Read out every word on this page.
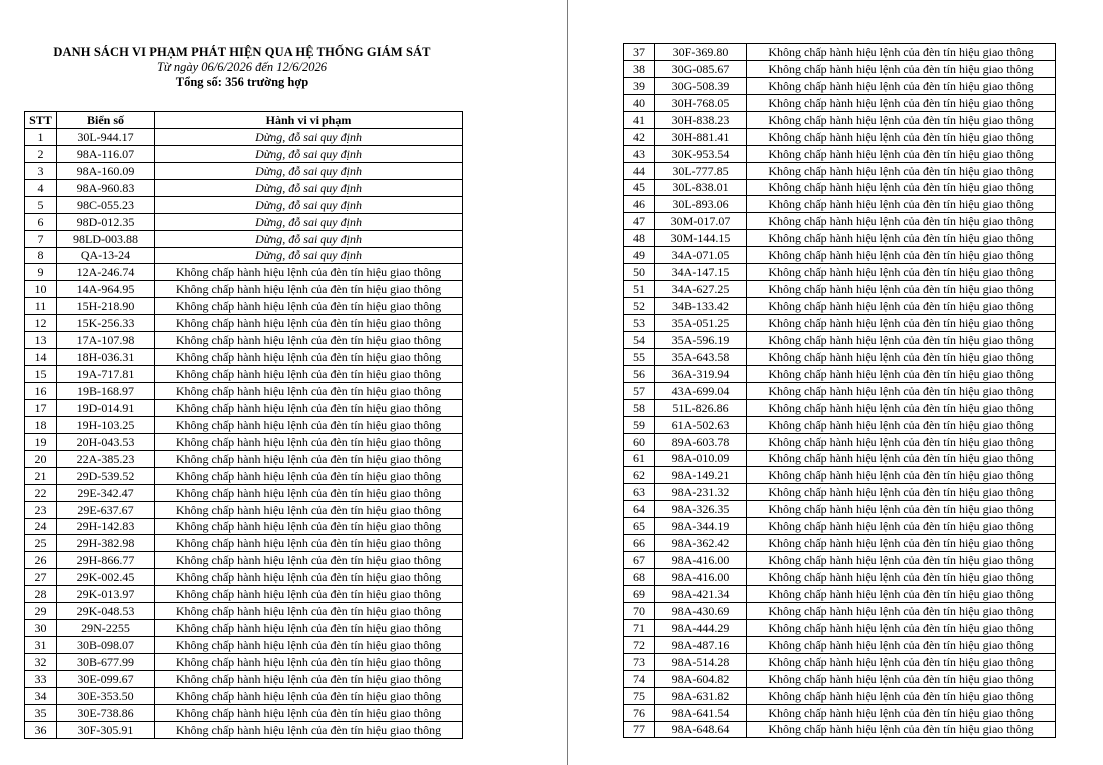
DANH SÁCH VI PHẠM PHÁT HIỆN QUA HỆ THỐNG GIÁM SÁT
Từ ngày 06/6/2026 đến 12/6/2026
Tổng số: 356 trường hợp
STT	Biển số	Hành vi vi phạm
1	30L-944.17	Dừng, đỗ sai quy định
2	98A-116.07	Dừng, đỗ sai quy định
3	98A-160.09	Dừng, đỗ sai quy định
4	98A-960.83	Dừng, đỗ sai quy định
5	98C-055.23	Dừng, đỗ sai quy định
6	98D-012.35	Dừng, đỗ sai quy định
7	98LD-003.88	Dừng, đỗ sai quy định
8	QA-13-24	Dừng, đỗ sai quy định
9	12A-246.74	Không chấp hành hiệu lệnh của đèn tín hiệu giao thông
10	14A-964.95	Không chấp hành hiệu lệnh của đèn tín hiệu giao thông
11	15H-218.90	Không chấp hành hiệu lệnh của đèn tín hiệu giao thông
12	15K-256.33	Không chấp hành hiệu lệnh của đèn tín hiệu giao thông
13	17A-107.98	Không chấp hành hiệu lệnh của đèn tín hiệu giao thông
14	18H-036.31	Không chấp hành hiệu lệnh của đèn tín hiệu giao thông
15	19A-717.81	Không chấp hành hiệu lệnh của đèn tín hiệu giao thông
16	19B-168.97	Không chấp hành hiệu lệnh của đèn tín hiệu giao thông
17	19D-014.91	Không chấp hành hiệu lệnh của đèn tín hiệu giao thông
18	19H-103.25	Không chấp hành hiệu lệnh của đèn tín hiệu giao thông
19	20H-043.53	Không chấp hành hiệu lệnh của đèn tín hiệu giao thông
20	22A-385.23	Không chấp hành hiệu lệnh của đèn tín hiệu giao thông
21	29D-539.52	Không chấp hành hiệu lệnh của đèn tín hiệu giao thông
22	29E-342.47	Không chấp hành hiệu lệnh của đèn tín hiệu giao thông
23	29E-637.67	Không chấp hành hiệu lệnh của đèn tín hiệu giao thông
24	29H-142.83	Không chấp hành hiệu lệnh của đèn tín hiệu giao thông
25	29H-382.98	Không chấp hành hiệu lệnh của đèn tín hiệu giao thông
26	29H-866.77	Không chấp hành hiệu lệnh của đèn tín hiệu giao thông
27	29K-002.45	Không chấp hành hiệu lệnh của đèn tín hiệu giao thông
28	29K-013.97	Không chấp hành hiệu lệnh của đèn tín hiệu giao thông
29	29K-048.53	Không chấp hành hiệu lệnh của đèn tín hiệu giao thông
30	29N-2255	Không chấp hành hiệu lệnh của đèn tín hiệu giao thông
31	30B-098.07	Không chấp hành hiệu lệnh của đèn tín hiệu giao thông
32	30B-677.99	Không chấp hành hiệu lệnh của đèn tín hiệu giao thông
33	30E-099.67	Không chấp hành hiệu lệnh của đèn tín hiệu giao thông
34	30E-353.50	Không chấp hành hiệu lệnh của đèn tín hiệu giao thông
35	30E-738.86	Không chấp hành hiệu lệnh của đèn tín hiệu giao thông
36	30F-305.91	Không chấp hành hiệu lệnh của đèn tín hiệu giao thông
37	30F-369.80	Không chấp hành hiệu lệnh của đèn tín hiệu giao thông
38	30G-085.67	Không chấp hành hiệu lệnh của đèn tín hiệu giao thông
39	30G-508.39	Không chấp hành hiệu lệnh của đèn tín hiệu giao thông
40	30H-768.05	Không chấp hành hiệu lệnh của đèn tín hiệu giao thông
41	30H-838.23	Không chấp hành hiệu lệnh của đèn tín hiệu giao thông
42	30H-881.41	Không chấp hành hiệu lệnh của đèn tín hiệu giao thông
43	30K-953.54	Không chấp hành hiệu lệnh của đèn tín hiệu giao thông
44	30L-777.85	Không chấp hành hiệu lệnh của đèn tín hiệu giao thông
45	30L-838.01	Không chấp hành hiệu lệnh của đèn tín hiệu giao thông
46	30L-893.06	Không chấp hành hiệu lệnh của đèn tín hiệu giao thông
47	30M-017.07	Không chấp hành hiệu lệnh của đèn tín hiệu giao thông
48	30M-144.15	Không chấp hành hiệu lệnh của đèn tín hiệu giao thông
49	34A-071.05	Không chấp hành hiệu lệnh của đèn tín hiệu giao thông
50	34A-147.15	Không chấp hành hiệu lệnh của đèn tín hiệu giao thông
51	34A-627.25	Không chấp hành hiệu lệnh của đèn tín hiệu giao thông
52	34B-133.42	Không chấp hành hiệu lệnh của đèn tín hiệu giao thông
53	35A-051.25	Không chấp hành hiệu lệnh của đèn tín hiệu giao thông
54	35A-596.19	Không chấp hành hiệu lệnh của đèn tín hiệu giao thông
55	35A-643.58	Không chấp hành hiệu lệnh của đèn tín hiệu giao thông
56	36A-319.94	Không chấp hành hiệu lệnh của đèn tín hiệu giao thông
57	43A-699.04	Không chấp hành hiệu lệnh của đèn tín hiệu giao thông
58	51L-826.86	Không chấp hành hiệu lệnh của đèn tín hiệu giao thông
59	61A-502.63	Không chấp hành hiệu lệnh của đèn tín hiệu giao thông
60	89A-603.78	Không chấp hành hiệu lệnh của đèn tín hiệu giao thông
61	98A-010.09	Không chấp hành hiệu lệnh của đèn tín hiệu giao thông
62	98A-149.21	Không chấp hành hiệu lệnh của đèn tín hiệu giao thông
63	98A-231.32	Không chấp hành hiệu lệnh của đèn tín hiệu giao thông
64	98A-326.35	Không chấp hành hiệu lệnh của đèn tín hiệu giao thông
65	98A-344.19	Không chấp hành hiệu lệnh của đèn tín hiệu giao thông
66	98A-362.42	Không chấp hành hiệu lệnh của đèn tín hiệu giao thông
67	98A-416.00	Không chấp hành hiệu lệnh của đèn tín hiệu giao thông
68	98A-416.00	Không chấp hành hiệu lệnh của đèn tín hiệu giao thông
69	98A-421.34	Không chấp hành hiệu lệnh của đèn tín hiệu giao thông
70	98A-430.69	Không chấp hành hiệu lệnh của đèn tín hiệu giao thông
71	98A-444.29	Không chấp hành hiệu lệnh của đèn tín hiệu giao thông
72	98A-487.16	Không chấp hành hiệu lệnh của đèn tín hiệu giao thông
73	98A-514.28	Không chấp hành hiệu lệnh của đèn tín hiệu giao thông
74	98A-604.82	Không chấp hành hiệu lệnh của đèn tín hiệu giao thông
75	98A-631.82	Không chấp hành hiệu lệnh của đèn tín hiệu giao thông
76	98A-641.54	Không chấp hành hiệu lệnh của đèn tín hiệu giao thông
77	98A-648.64	Không chấp hành hiệu lệnh của đèn tín hiệu giao thông
